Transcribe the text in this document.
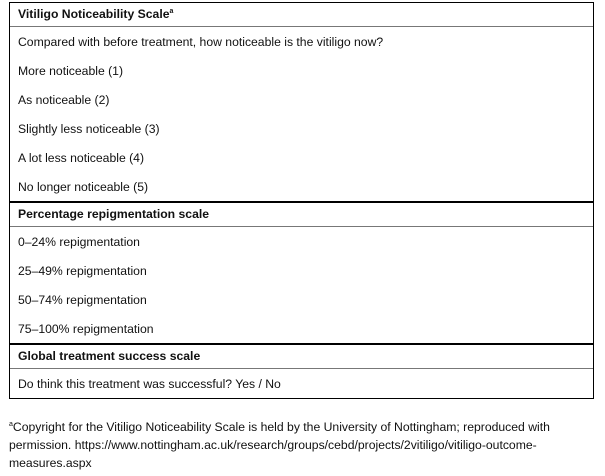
Vitiligo Noticeability Scale$^a$
Compared with before treatment, how noticeable is the vitiligo now?
More noticeable (1)
As noticeable (2)
Slightly less noticeable (3)
A lot less noticeable (4)
No longer noticeable (5)
Percentage repigmentation scale
0–24% repigmentation
25–49% repigmentation
50–74% repigmentation
75–100% repigmentation
Global treatment success scale
Do think this treatment was successful? Yes / No
$^a$Copyright for the Vitiligo Noticeability Scale is held by the University of Nottingham; reproduced with permission. https://www.nottingham.ac.uk/research/groups/cebd/projects/2vitiligo/vitiligo-outcome-measures.aspx
